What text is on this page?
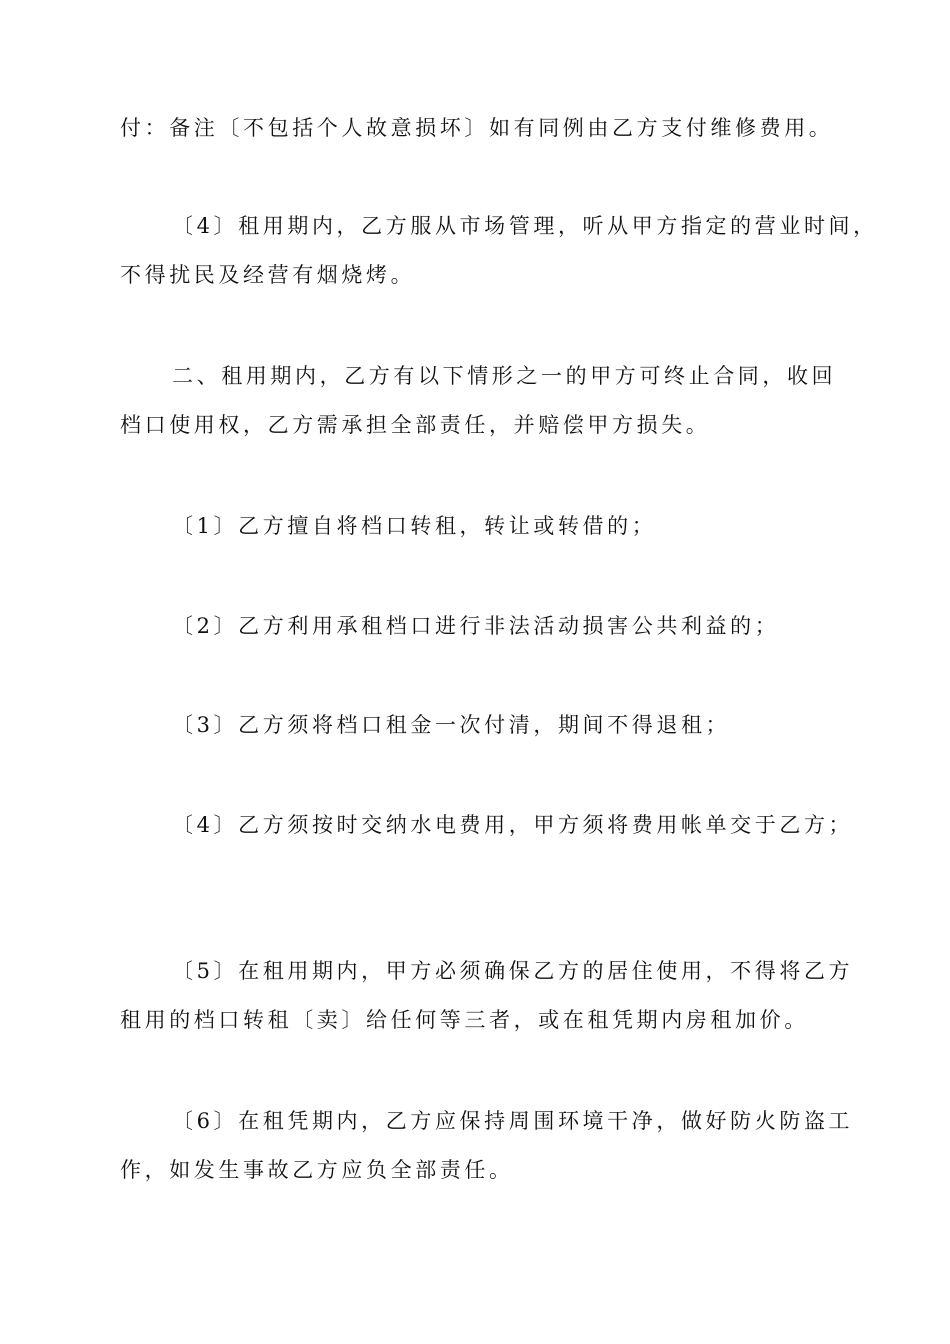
付：备注〔不包括个人故意损坏〕如有同例由乙方支付维修费用。
〔4〕租用期内，乙方服从市场管理，听从甲方指定的营业时间，
不得扰民及经营有烟烧烤。
二、租用期内，乙方有以下情形之一的甲方可终止合同，收回
档口使用权，乙方需承担全部责任，并赔偿甲方损失。
〔1〕乙方擅自将档口转租，转让或转借的；
〔2〕乙方利用承租档口进行非法活动损害公共利益的；
〔3〕乙方须将档口租金一次付清，期间不得退租；
〔4〕乙方须按时交纳水电费用，甲方须将费用帐单交于乙方；
〔5〕在租用期内，甲方必须确保乙方的居住使用，不得将乙方
租用的档口转租〔卖〕给任何等三者，或在租凭期内房租加价。
〔6〕在租凭期内，乙方应保持周围环境干净，做好防火防盗工
作，如发生事故乙方应负全部责任。
